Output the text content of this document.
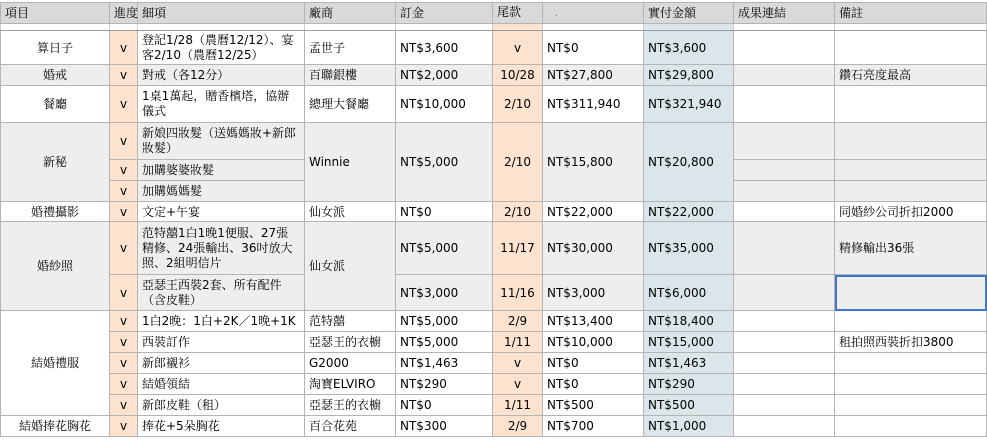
項目	進度	細項	廠商	訂金	尾款 .		實付金額	成果連結	備註

算日子	v	登記1/28（農曆12/12）、宴客2/10（農曆12/25）	孟世子	NT$3,600	v	NT$0	NT$3,600		
婚戒	v	對戒（各12分）	百聯銀樓	NT$2,000	10/28	NT$27,800	NT$29,800		鑽石亮度最高
餐廳	v	1桌1萬起，贈香檳塔，協辦儀式	總理大餐廳	NT$10,000	2/10	NT$311,940	NT$321,940		
新秘	v	新娘四妝髮（送媽媽妝+新郎妝髮）	Winnie	NT$5,000	2/10	NT$15,800	NT$20,800		
	v	加購婆婆妝髮							
	v	加購媽媽髮							
婚禮攝影	v	文定+午宴	仙女派	NT$0	2/10	NT$22,000	NT$22,000		同婚紗公司折扣2000
婚紗照	v	范特囍1白1晚1便服、27張精修、24張輸出、36吋放大照、2組明信片	仙女派	NT$5,000	11/17	NT$30,000	NT$35,000		精修輸出36張
	v	亞瑟王西裝2套、所有配件（含皮鞋）		NT$3,000	11/16	NT$3,000	NT$6,000		
結婚禮服	v	1白2晚：1白+2K／1晚+1K	范特囍	NT$5,000	2/9	NT$13,400	NT$18,400		
	v	西裝訂作	亞瑟王的衣櫥	NT$5,000	1/11	NT$10,000	NT$15,000		租拍照西裝折扣3800
	v	新郎襯衫	G2000	NT$1,463	v	NT$0	NT$1,463		
	v	結婚領結	淘寶ELVIRO	NT$290	v	NT$0	NT$290		
	v	新郎皮鞋（租）	亞瑟王的衣櫥	NT$0	1/11	NT$500	NT$500		
結婚捧花胸花	v	捧花+5朵胸花	百合花苑	NT$300	2/9	NT$700	NT$1,000		
